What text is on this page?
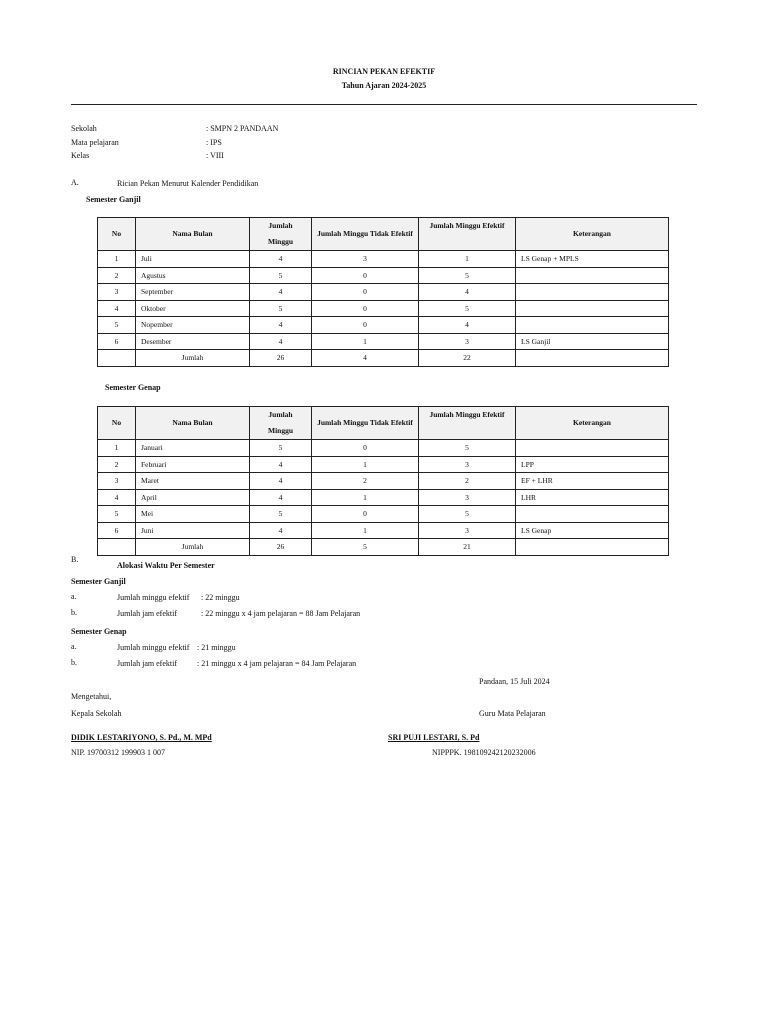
RINCIAN PEKAN EFEKTIF
Tahun Ajaran 2024-2025
Sekolah	: SMPN 2 PANDAAN
Mata pelajaran	: IPS
Kelas	: VIII
A.	Rician Pekan Menurut Kalender Pendidikan
Semester Ganjil
No	Nama Bulan	Jumlah Minggu	Jumlah Minggu Tidak Efektif	Jumlah Minggu Efektif	Keterangan
1	Juli	4	3	1	LS Genap + MPLS
2	Agustus	5	0	5	
3	September	4	0	4	
4	Oktober	5	0	5	
5	Nopember	4	0	4	
6	Desember	4	1	3	LS Ganjil
	Jumlah	26	4	22	
Semester Genap
No	Nama Bulan	Jumlah Minggu	Jumlah Minggu Tidak Efektif	Jumlah Minggu Efektif	Keterangan
1	Januari	5	0	5	
2	Februari	4	1	3	LPP
3	Maret	4	2	2	EF + LHR
4	April	4	1	3	LHR
5	Mei	5	0	5	
6	Juni	4	1	3	LS Genap
	Jumlah	26	5	21	
B.
Alokasi Waktu Per Semester
Semester Ganjil
a.	Jumlah minggu efektif : 22 minggu
b.	Jumlah jam efektif	: 22 minggu x 4 jam pelajaran = 88 Jam Pelajaran
Semester Genap
a.	Jumlah minggu efektif : 21 minggu
b.	Jumlah jam efektif	: 21 minggu x 4 jam pelajaran = 84 Jam Pelajaran
Pandaan, 15 Juli 2024
Mengetahui,
Kepala Sekolah	Guru Mata Pelajaran
DIDIK LESTARIYONO, S. Pd., M. MPd	SRI PUJI LESTARI, S. Pd
NIP. 19700312 199903 1 007	NIPPPK. 198109242120232006
